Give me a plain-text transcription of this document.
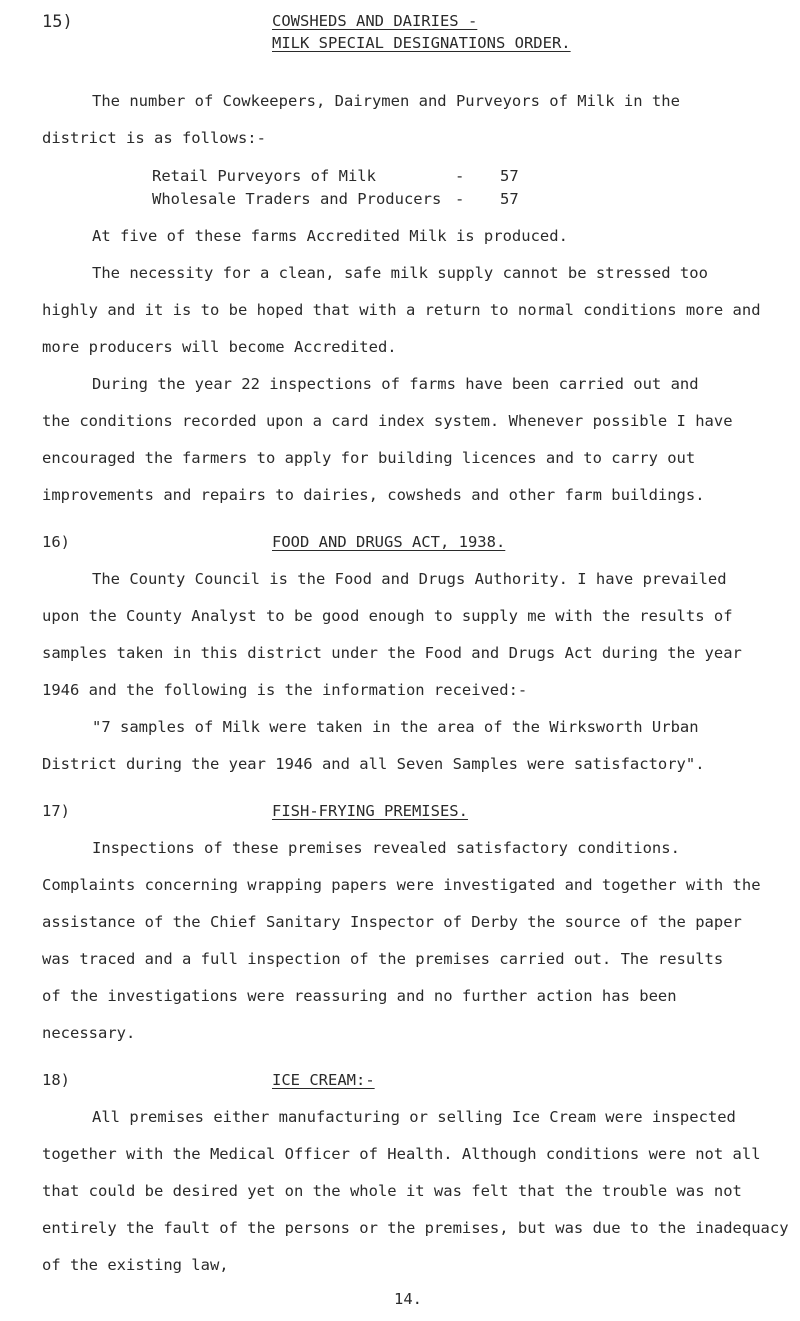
15)	COWSHEDS AND DAIRIES -
MILK SPECIAL DESIGNATIONS ORDER.
The number of Cowkeepers, Dairymen and Purveyors of Milk in the
district is as follows:-
Retail Purveyors of Milk	- 57
Wholesale Traders and Producers - 57
At five of these farms Accredited Milk is produced.
The necessity for a clean, safe milk supply cannot be stressed too
highly and it is to be hoped that with a return to normal conditions more and
more producers will become Accredited.
During the year 22 inspections of farms have been carried out and
the conditions recorded upon a card index system. Whenever possible I have
encouraged the farmers to apply for building licences and to carry out
improvements and repairs to dairies, cowsheds and other farm buildings.
16)	FOOD AND DRUGS ACT, 1938.
The County Council is the Food and Drugs Authority. I have prevailed
upon the County Analyst to be good enough to supply me with the results of
samples taken in this district under the Food and Drugs Act during the year
1946 and the following is the information received:-
"7 samples of Milk were taken in the area of the Wirksworth Urban
District during the year 1946 and all Seven Samples were satisfactory".
17)	FISH-FRYING PREMISES.
Inspections of these premises revealed satisfactory conditions.
Complaints concerning wrapping papers were investigated and together with the
assistance of the Chief Sanitary Inspector of Derby the source of the paper
was traced and a full inspection of the premises carried out. The results
of the investigations were reassuring and no further action has been
necessary.
18)	ICE CREAM:-
All premises either manufacturing or selling Ice Cream were inspected
together with the Medical Officer of Health. Although conditions were not all
that could be desired yet on the whole it was felt that the trouble was not
entirely the fault of the persons or the premises, but was due to the inadequacy
of the existing law,
14.
